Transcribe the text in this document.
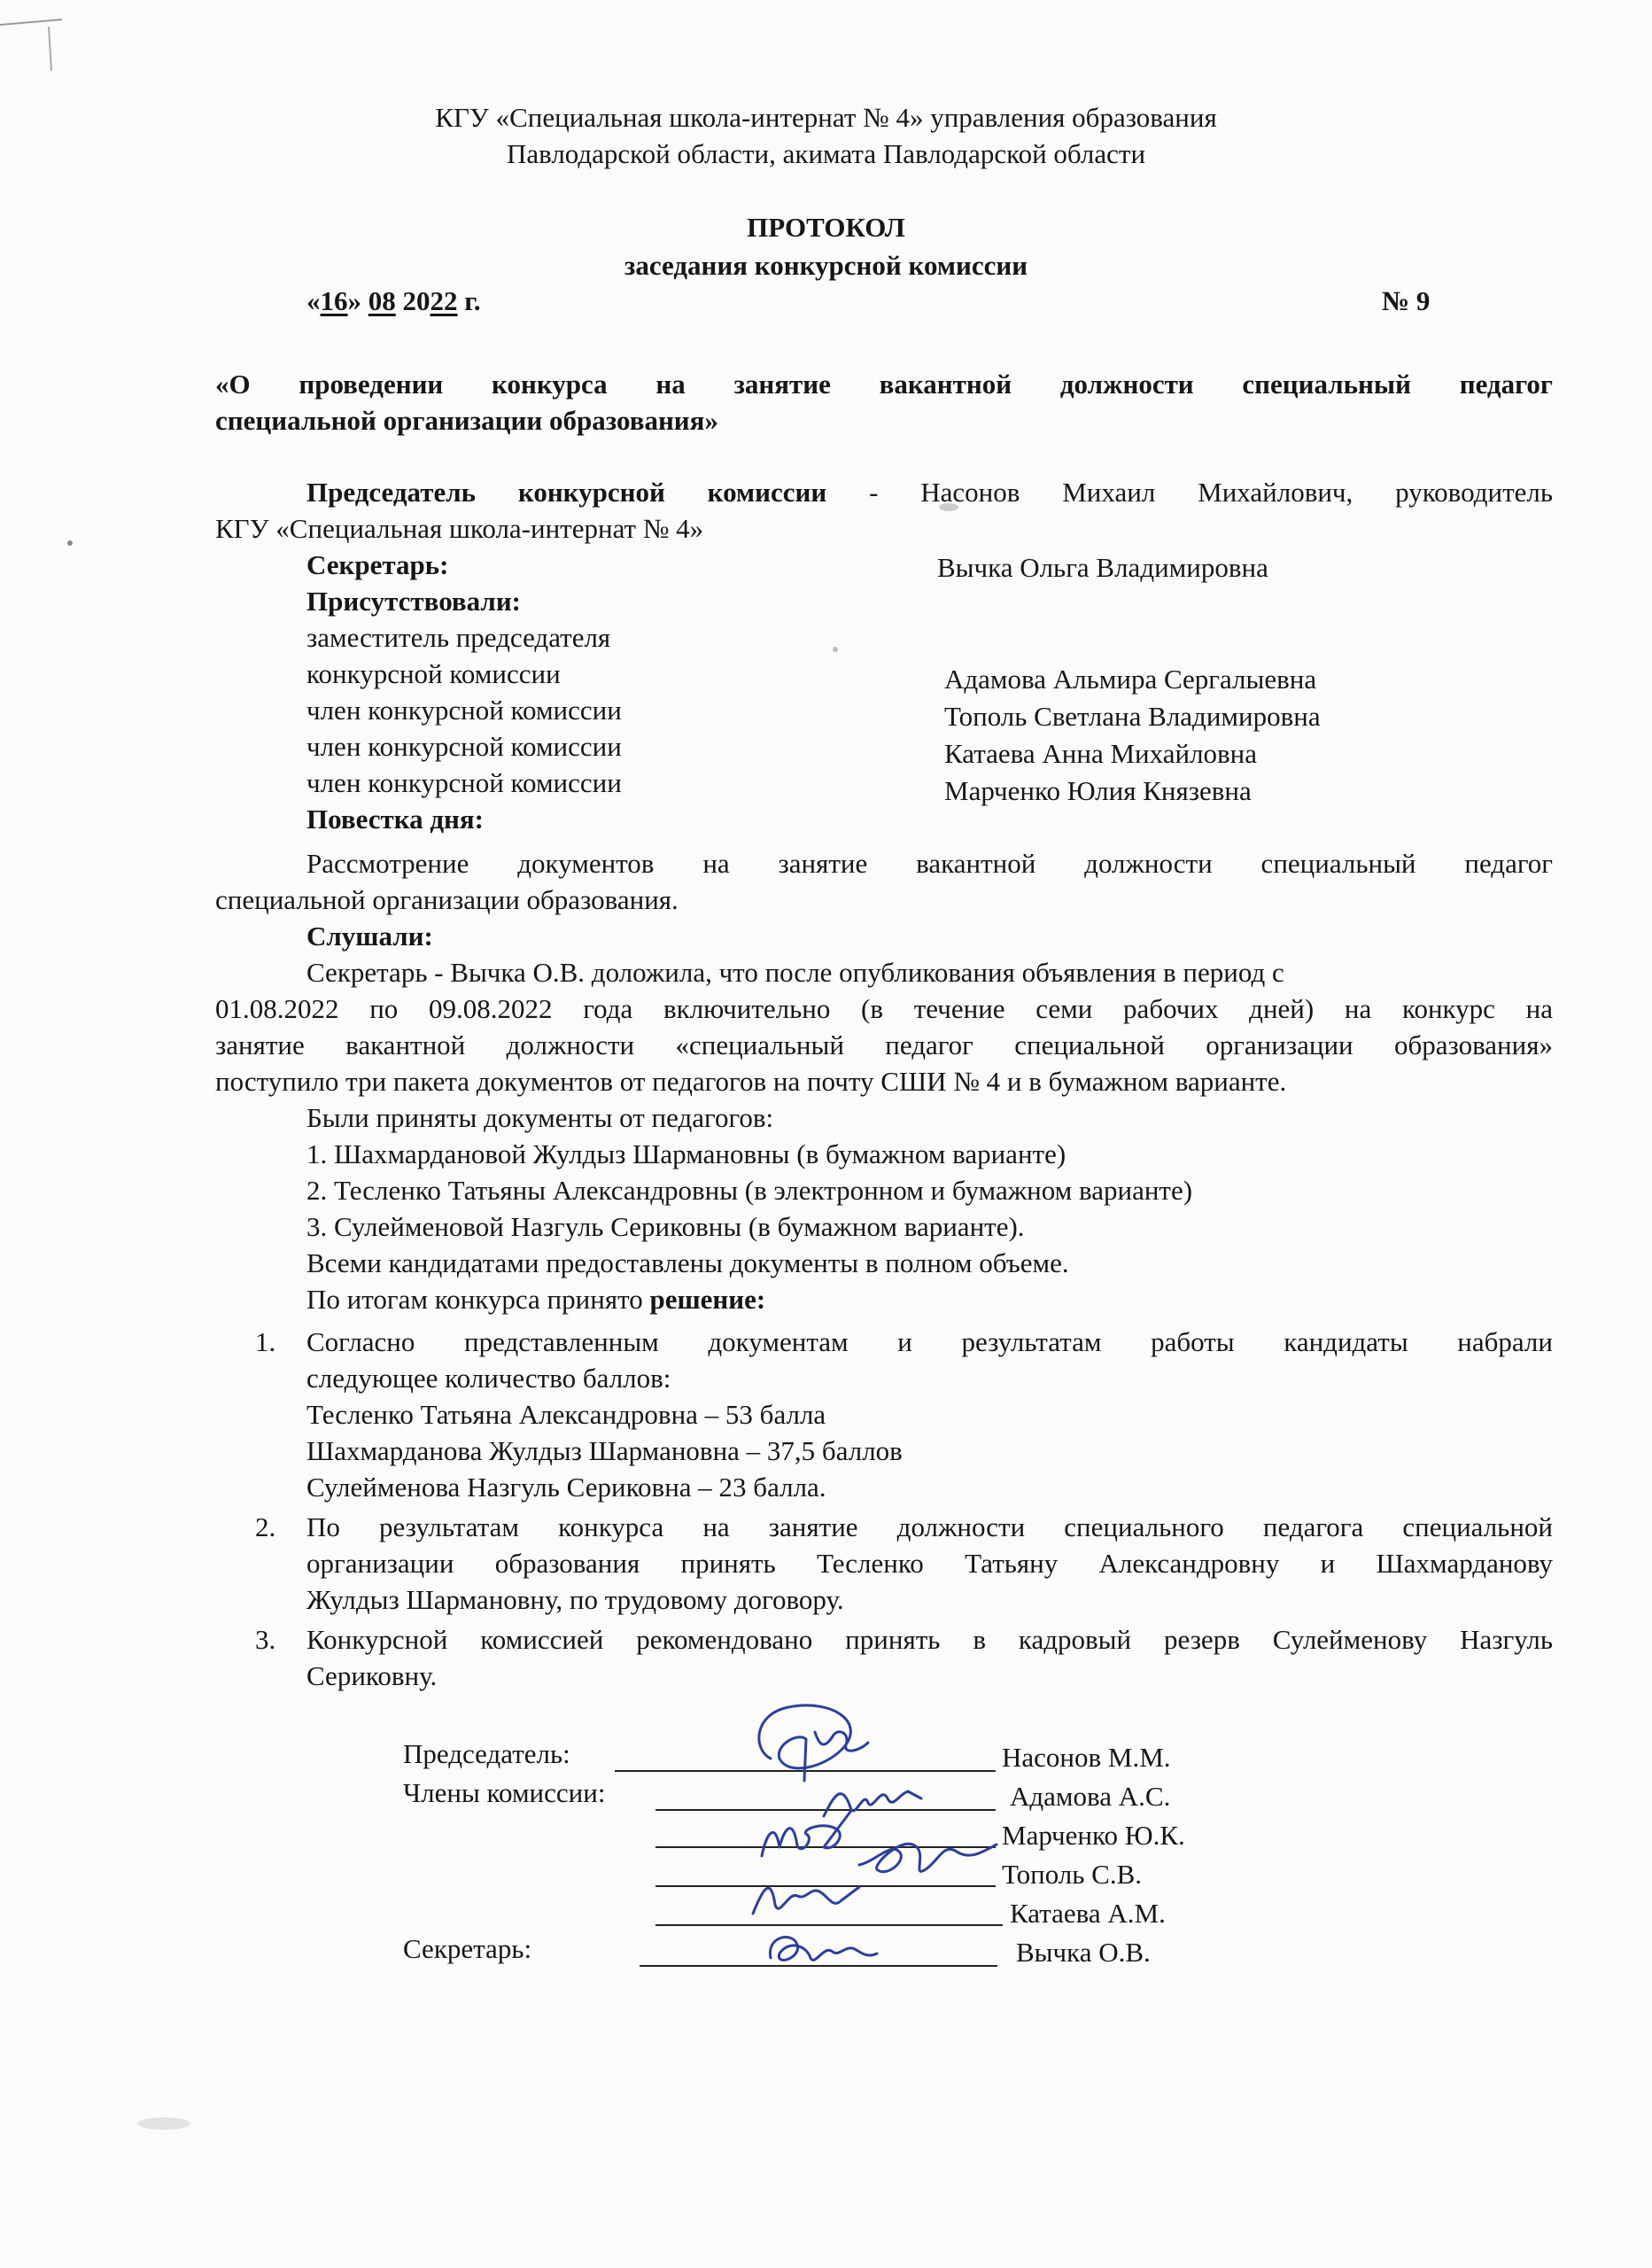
КГУ «Специальная школа-интернат № 4» управления образования
Павлодарской области, акимата Павлодарской области
ПРОТОКОЛ
заседания конкурсной комиссии
«16» 08 2022 г.	№ 9
«О проведении конкурса на занятие вакантной должности специальный педагог
специальной организации образования»
Председатель конкурсной комиссии - Насонов Михаил Михайлович, руководитель
КГУ «Специальная школа-интернат № 4»
Секретарь:	Вычка Ольга Владимировна
Присутствовали:
заместитель председателя
конкурсной комиссии	Адамова Альмира Сергалыевна
член конкурсной комиссии	Тополь Светлана Владимировна
член конкурсной комиссии	Катаева Анна Михайловна
член конкурсной комиссии	Марченко Юлия Князевна
Повестка дня:
Рассмотрение документов на занятие вакантной должности специальный педагог
специальной организации образования.
Слушали:
Секретарь - Вычка О.В. доложила, что после опубликования объявления в период с
01.08.2022 по 09.08.2022 года включительно (в течение семи рабочих дней) на конкурс на
занятие вакантной должности «специальный педагог специальной организации образования»
поступило три пакета документов от педагогов на почту СШИ № 4 и в бумажном варианте.
Были приняты документы от педагогов:
1. Шахмардановой Жулдыз Шармановны (в бумажном варианте)
2. Тесленко Татьяны Александровны (в электронном и бумажном варианте)
3. Сулейменовой Назгуль Сериковны (в бумажном варианте).
Всеми кандидатами предоставлены документы в полном объеме.
По итогам конкурса принято решение:
1. Согласно представленным документам и результатам работы кандидаты набрали
следующее количество баллов:
Тесленко Татьяна Александровна – 53 балла
Шахмарданова Жулдыз Шармановна – 37,5 баллов
Сулейменова Назгуль Сериковна – 23 балла.
2. По результатам конкурса на занятие должности специального педагога специальной
организации образования принять Тесленко Татьяну Александровну и Шахмарданову
Жулдыз Шармановну, по трудовому договору.
3. Конкурсной комиссией рекомендовано принять в кадровый резерв Сулейменову Назгуль
Сериковну.
Председатель:	Насонов М.М.
Члены комиссии:	Адамова А.С.
Марченко Ю.К.
Тополь С.В.
Катаева А.М.
Секретарь:	Вычка О.В.
